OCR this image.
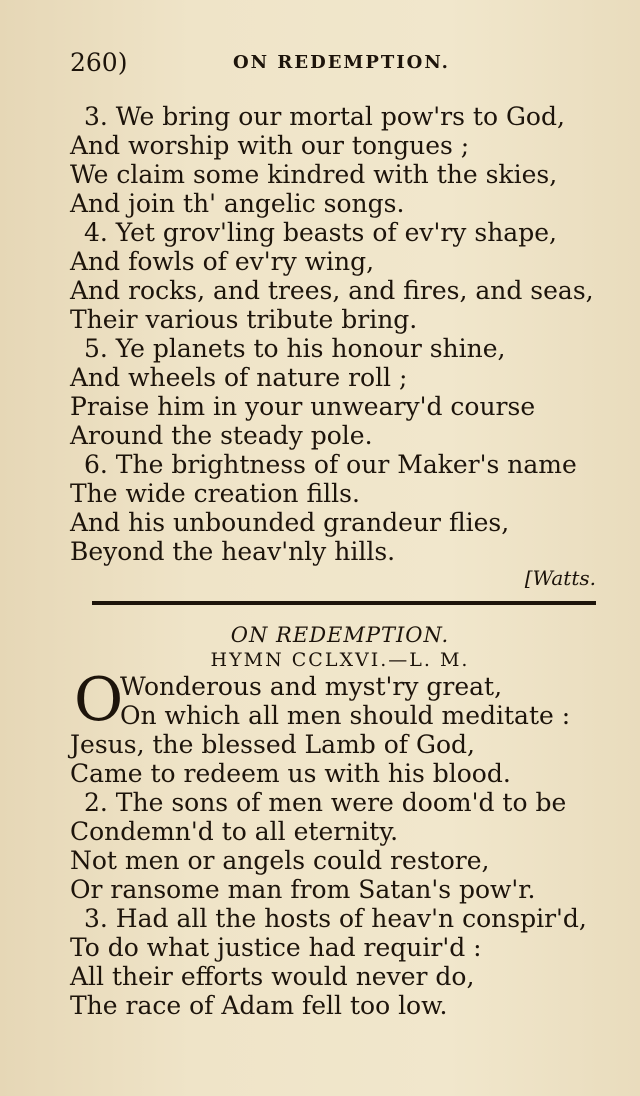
260)	ON REDEMPTION.
3. We bring our mortal pow'rs to God,
And worship with our tongues ;
We claim some kindred with the skies,
And join th' angelic songs.
4. Yet grov'ling beasts of ev'ry shape,
And fowls of ev'ry wing,
And rocks, and trees, and fires, and seas,
Their various tribute bring.
5. Ye planets to his honour shine,
And wheels of nature roll ;
Praise him in your unweary'd course
Around the steady pole.
6. The brightness of our Maker's name
The wide creation fills.
And his unbounded grandeur flies,
Beyond the heav'nly hills.
[Watts.
ON REDEMPTION.
HYMN CCLXVI.—L. M.
O
Wonderous and myst'ry great,
On which all men should meditate :
Jesus, the blessed Lamb of God,
Came to redeem us with his blood.
2. The sons of men were doom'd to be
Condemn'd to all eternity.
Not men or angels could restore,
Or ransome man from Satan's pow'r.
3. Had all the hosts of heav'n conspir'd,
To do what justice had requir'd :
All their efforts would never do,
The race of Adam fell too low.
